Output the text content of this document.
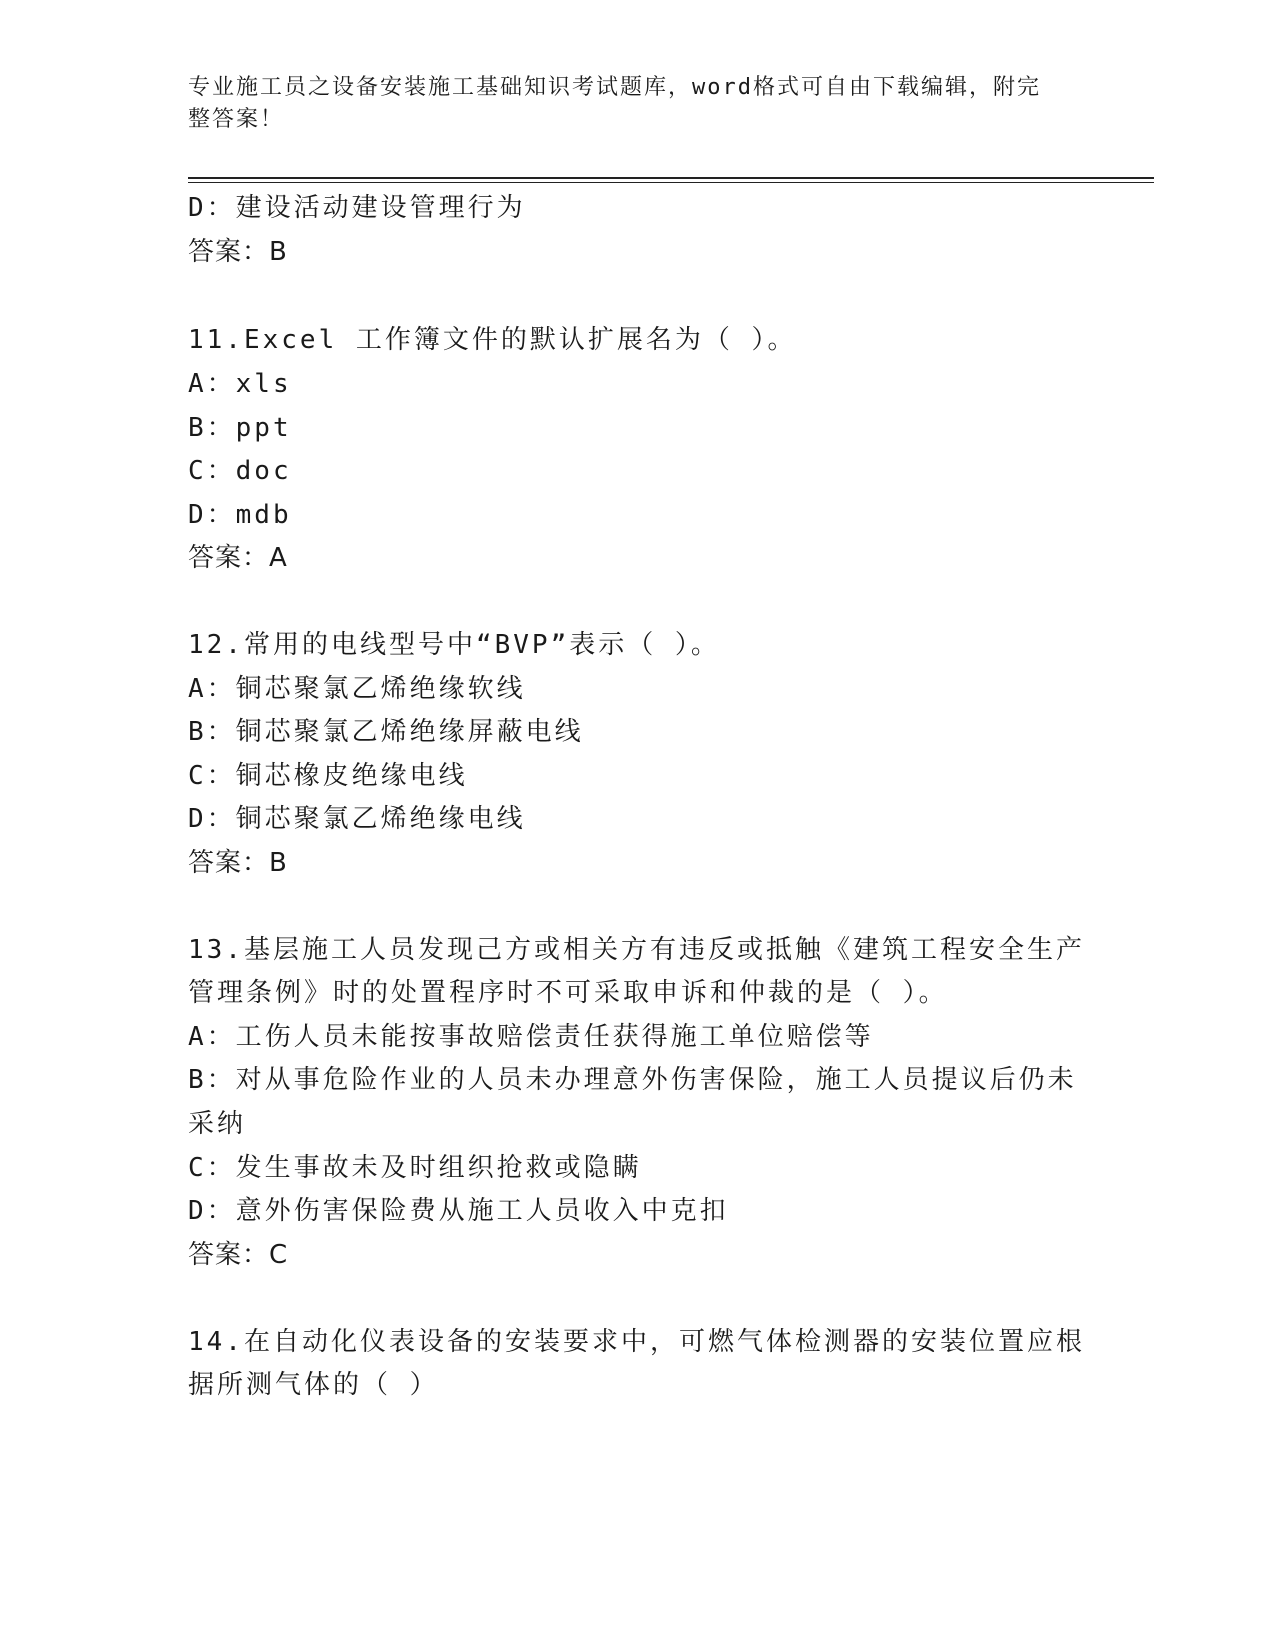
专业施工员之设备安装施工基础知识考试题库，word格式可自由下载编辑，附完
整答案！
D：建设活动建设管理行为
答案：B
11.Excel 工作簿文件的默认扩展名为（ ）。
A：xls
B：ppt
C：doc
D：mdb
答案：A
12.常用的电线型号中“BVP”表示（ ）。
A：铜芯聚氯乙烯绝缘软线
B：铜芯聚氯乙烯绝缘屏蔽电线
C：铜芯橡皮绝缘电线
D：铜芯聚氯乙烯绝缘电线
答案：B
13.基层施工人员发现己方或相关方有违反或抵触《建筑工程安全生产
管理条例》时的处置程序时不可采取申诉和仲裁的是（ ）。
A：工伤人员未能按事故赔偿责任获得施工单位赔偿等
B：对从事危险作业的人员未办理意外伤害保险，施工人员提议后仍未
采纳
C：发生事故未及时组织抢救或隐瞒
D：意外伤害保险费从施工人员收入中克扣
答案：C
14.在自动化仪表设备的安装要求中，可燃气体检测器的安装位置应根
据所测气体的（ ）
